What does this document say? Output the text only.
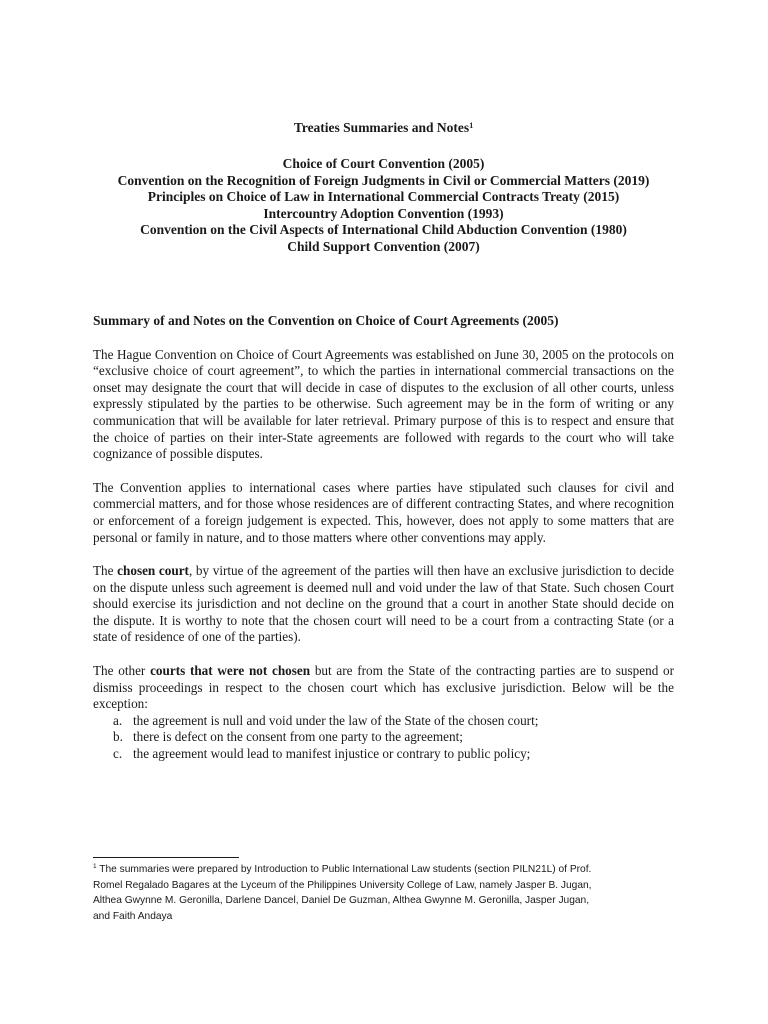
Treaties Summaries and Notes$^1$
Choice of Court Convention (2005)
Convention on the Recognition of Foreign Judgments in Civil or Commercial Matters (2019)
Principles on Choice of Law in International Commercial Contracts Treaty (2015)
Intercountry Adoption Convention (1993)
Convention on the Civil Aspects of International Child Abduction Convention (1980)
Child Support Convention (2007)
Summary of and Notes on the Convention on Choice of Court Agreements (2005)

The Hague Convention on Choice of Court Agreements was established on June 30, 2005 on the protocols on “exclusive choice of court agreement”, to which the parties in international commercial transactions on the onset may designate the court that will decide in case of disputes to the exclusion of all other courts, unless expressly stipulated by the parties to be otherwise. Such agreement may be in the form of writing or any communication that will be available for later retrieval. Primary purpose of this is to respect and ensure that the choice of parties on their inter-State agreements are followed with regards to the court who will take cognizance of possible disputes.

The Convention applies to international cases where parties have stipulated such clauses for civil and commercial matters, and for those whose residences are of different contracting States, and where recognition or enforcement of a foreign judgement is expected. This, however, does not apply to some matters that are personal or family in nature, and to those matters where other conventions may apply.

The chosen court, by virtue of the agreement of the parties will then have an exclusive jurisdiction to decide on the dispute unless such agreement is deemed null and void under the law of that State. Such chosen Court should exercise its jurisdiction and not decline on the ground that a court in another State should decide on the dispute. It is worthy to note that the chosen court will need to be a court from a contracting State (or a state of residence of one of the parties).

The other courts that were not chosen but are from the State of the contracting parties are to suspend or dismiss proceedings in respect to the chosen court which has exclusive jurisdiction. Below will be the exception:

a. the agreement is null and void under the law of the State of the chosen court;
b. there is defect on the consent from one party to the agreement;
c. the agreement would lead to manifest injustice or contrary to public policy;
$^1$ The summaries were prepared by Introduction to Public International Law students (section PILN21L) of Prof.
Romel Regalado Bagares at the Lyceum of the Philippines University College of Law, namely Jasper B. Jugan,
Althea Gwynne M. Geronilla, Darlene Dancel, Daniel De Guzman, Althea Gwynne M. Geronilla, Jasper Jugan,
and Faith Andaya
